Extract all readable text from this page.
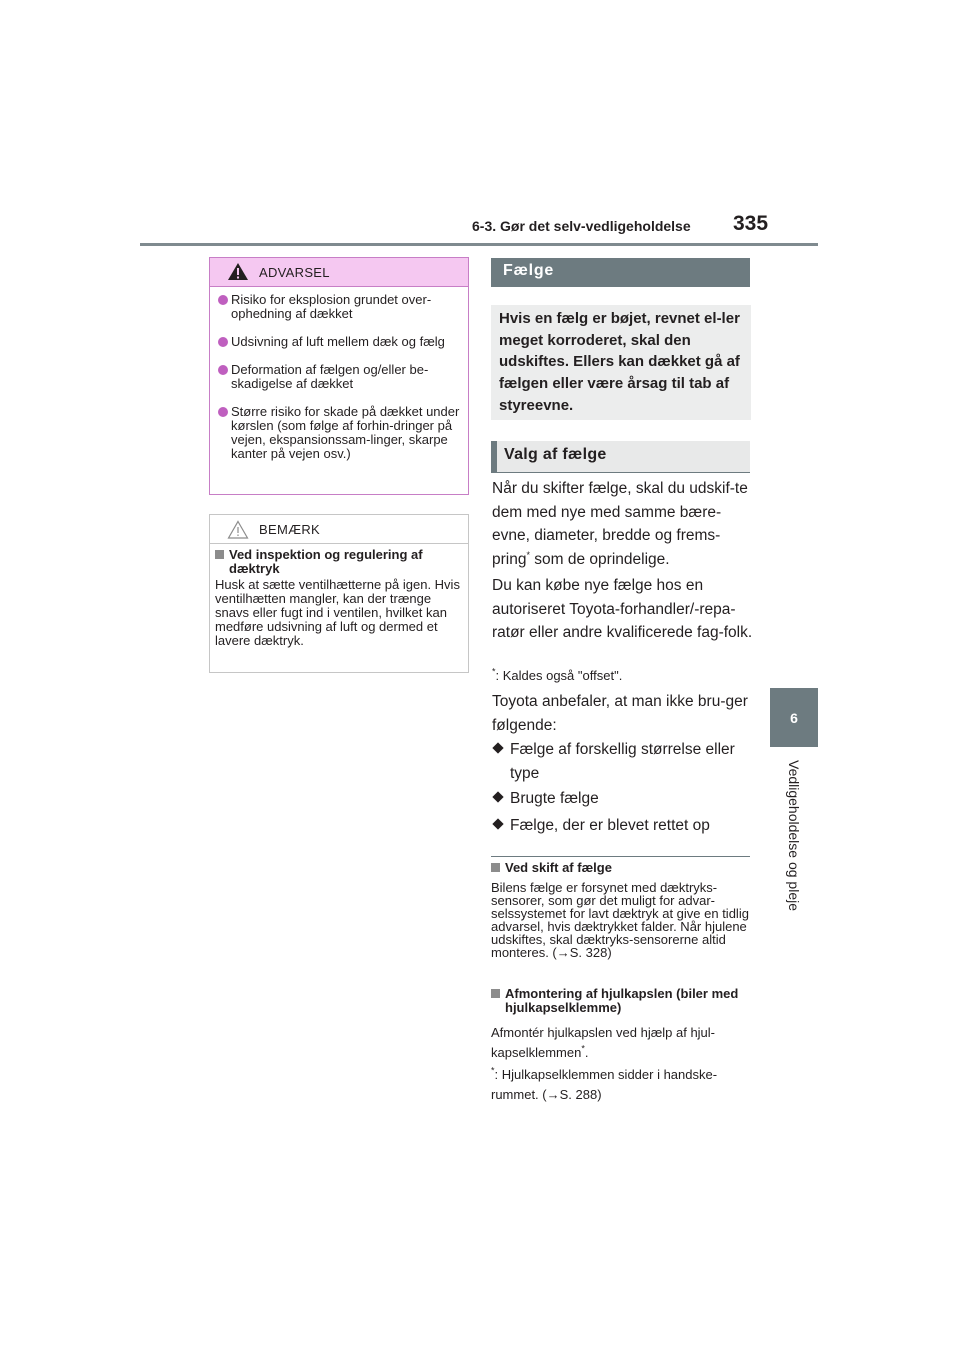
6-3. Gør det selv-vedligeholdelse 335
6
Vedligeholdelse og pleje
ADVARSEL
Risiko for eksplosion grundet over-ophedning af dækket
Udsivning af luft mellem dæk og fælg
Deformation af fælgen og/eller be-skadigelse af dækket
Større risiko for skade på dækket under kørslen (som følge af forhin-dringer på vejen, ekspansionssam-linger, skarpe kanter på vejen osv.)
BEMÆRK
Ved inspektion og regulering af dæktryk
Husk at sætte ventilhætterne på igen. Hvis ventilhætten mangler, kan der trænge snavs eller fugt ind i ventilen, hvilket kan medføre udsivning af luft og dermed et lavere dæktryk.
Fælge
Hvis en fælg er bøjet, revnet el-ler meget korroderet, skal den udskiftes. Ellers kan dækket gå af fælgen eller være årsag til tab af styreevne.
Valg af fælge

Når du skifter fælge, skal du udskif-te dem med nye med samme bære-evne, diameter, bredde og frems-pring* som de oprindelige.

Du kan købe nye fælge hos en autoriseret Toyota-forhandler/-repa-ratør eller andre kvalificerede fag-folk.

*: Kaldes også "offset".

Toyota anbefaler, at man ikke bru-ger følgende:

Fælge af forskellig størrelse eller type
Brugte fælge
Fælge, der er blevet rettet op
Ved skift af fælge

Bilens fælge er forsynet med dæktryks-sensorer, som gør det muligt for advar-selssystemet for lavt dæktryk at give en tidlig advarsel, hvis dæktrykket falder. Når hjulene udskiftes, skal dæktryks-sensorerne altid monteres. (→S. 328)

Afmontering af hjulkapslen (biler med hjulkapselklemme)

Afmontér hjulkapslen ved hjælp af hjul-kapselklemmen*.

*: Hjulkapselklemmen sidder i handske-rummet. (→S. 288)
